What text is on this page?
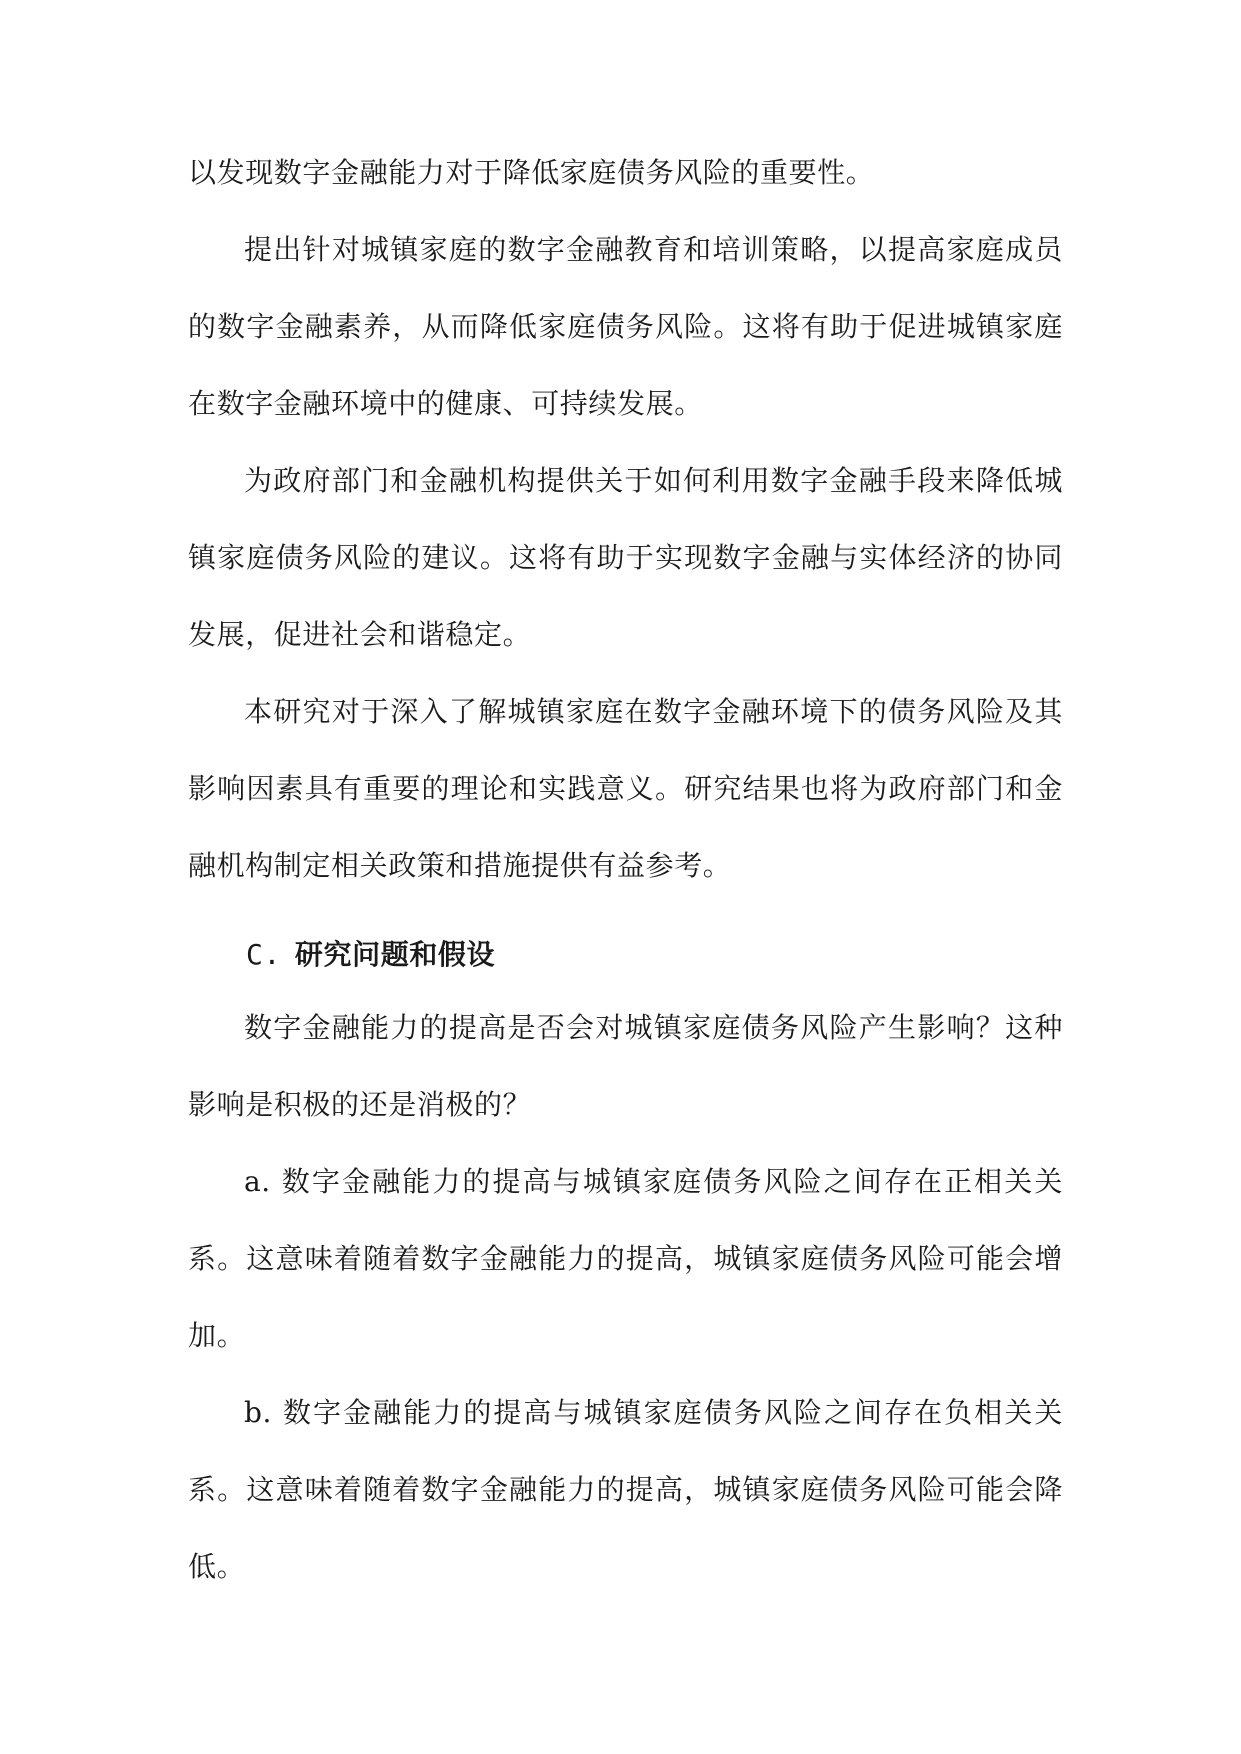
以发现数字金融能力对于降低家庭债务风险的重要性。

提出针对城镇家庭的数字金融教育和培训策略，以提高家庭成员的数字金融素养，从而降低家庭债务风险。这将有助于促进城镇家庭在数字金融环境中的健康、可持续发展。

为政府部门和金融机构提供关于如何利用数字金融手段来降低城镇家庭债务风险的建议。这将有助于实现数字金融与实体经济的协同发展，促进社会和谐稳定。

本研究对于深入了解城镇家庭在数字金融环境下的债务风险及其影响因素具有重要的理论和实践意义。研究结果也将为政府部门和金融机构制定相关政策和措施提供有益参考。

C. 研究问题和假设

数字金融能力的提高是否会对城镇家庭债务风险产生影响？这种影响是积极的还是消极的？

a. 数字金融能力的提高与城镇家庭债务风险之间存在正相关关系。这意味着随着数字金融能力的提高，城镇家庭债务风险可能会增加。

b. 数字金融能力的提高与城镇家庭债务风险之间存在负相关关系。这意味着随着数字金融能力的提高，城镇家庭债务风险可能会降低。
